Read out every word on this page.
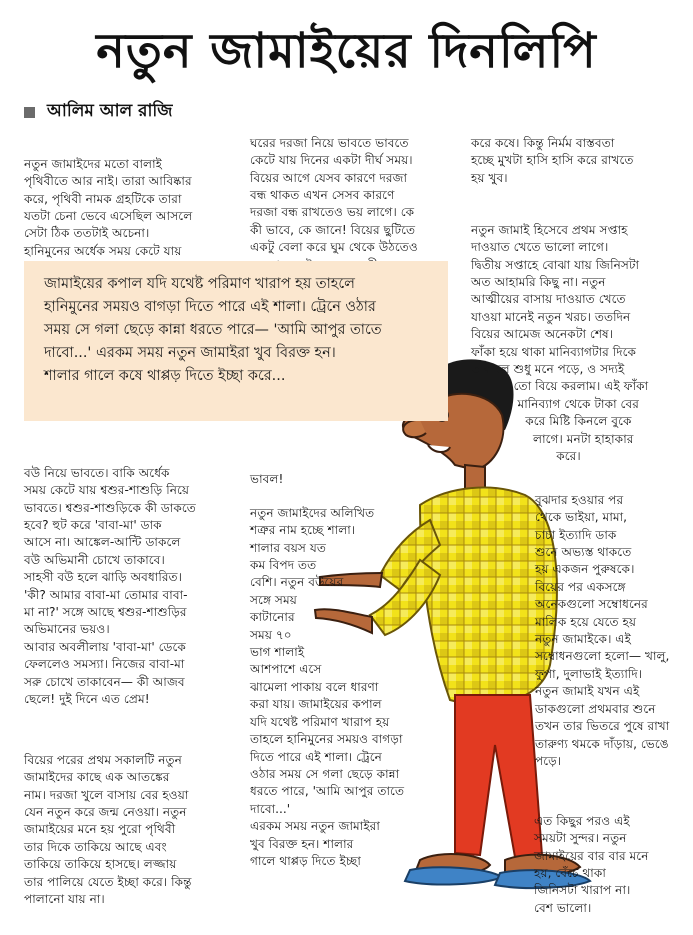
নতুন জামাইয়ের দিনলিপি
আলিম আল রাজি

নতুন জামাইদের মতো বালাই
পৃথিবীতে আর নাই। তারা আবিষ্কার
করে, পৃথিবী নামক গ্রহটিকে তারা
যতটা চেনা ভেবে এসেছিল আসলে
সেটা ঠিক ততটাই অচেনা।
হানিমুনের অর্ধেক সময় কেটে যায়

ঘরের দরজা নিয়ে ভাবতে ভাবতে
কেটে যায় দিনের একটা দীর্ঘ সময়।
বিয়ের আগে যেসব কারণে দরজা
বন্ধ থাকত এখন সেসব কারণে
দরজা বন্ধ রাখতেও ভয় লাগে। কে
কী ভাবে, কে জানে! বিয়ের ছুটিতে
একটু বেলা করে ঘুম থেকে উঠতেও

করে কষে। কিন্তু নির্মম বাস্তবতা
হচ্ছে মুখটা হাসি হাসি করে রাখতে
হয় খুব।

জামাইয়ের কপাল যদি যথেষ্ট পরিমাণ খারাপ হয় তাহলে
হানিমুনের সময়ও বাগড়া দিতে পারে এই শালা। ট্রেনে ওঠার
সময় সে গলা ছেড়ে কান্না ধরতে পারে— 'আমি আপুর তাতে
দাবো...' এরকম সময় নতুন জামাইরা খুব বিরক্ত হন।
শালার গালে কষে থাপ্পড় দিতে ইচ্ছা করে...

নতুন জামাই হিসেবে প্রথম সপ্তাহ
দাওয়াত খেতে ভালো লাগে।
দ্বিতীয় সপ্তাহে বোঝা যায় জিনিসটা
অত আহামরি কিছু না। নতুন
আত্মীয়ের বাসায় দাওয়াত খেতে
যাওয়া মানেই নতুন খরচ। ততদিন
বিয়ের আমেজ অনেকটা শেষ।
ফাঁকা হয়ে থাকা মানিব্যাগটার দিকে
তাকালে শুধু মনে পড়ে, ও সদ্যই
তো বিয়ে করলাম। এই ফাঁকা
মানিব্যাগ থেকে টাকা বের
করে মিষ্টি কিনলে বুকে
লাগে। মনটা হাহাকার
করে।

বউ নিয়ে ভাবতে। বাকি অর্ধেক
সময় কেটে যায় শ্বশুর-শাশুড়ি নিয়ে
ভাবতে। শ্বশুর-শাশুড়িকে কী ডাকতে
হবে? হুট করে 'বাবা-মা' ডাক
আসে না। আঙ্কেল-আন্টি ডাকলে
বউ অভিমানী চোখে তাকাবে।
সাহসী বউ হলে ঝাড়ি অবধারিত।
'কী? আমার বাবা-মা তোমার বাবা-
মা না?' সঙ্গে আছে শ্বশুর-শাশুড়ির
অভিমানের ভয়ও।
আবার অবলীলায় 'বাবা-মা' ডেকে
ফেললেও সমস্যা। নিজের বাবা-মা
সরু চোখে তাকাবেন— কী আজব
ছেলে! দুই দিনে এত প্রেম!

বিয়ের পরের প্রথম সকালটি নতুন
জামাইদের কাছে এক আতঙ্কের
নাম। দরজা খুলে বাসায় বের হওয়া
যেন নতুন করে জন্ম নেওয়া। নতুন
জামাইয়ের মনে হয় পুরো পৃথিবী
তার দিকে তাকিয়ে আছে এবং
তাকিয়ে তাকিয়ে হাসছে। লজ্জায়
তার পালিয়ে যেতে ইচ্ছা করে। কিন্তু
পালানো যায় না।

ভাবল!

নতুন জামাইদের অলিখিত
শত্রুর নাম হচ্ছে শালা।
শালার বয়স যত
কম বিপদ তত
বেশি। নতুন বউয়ের
সঙ্গে সময়
কাটানোর
সময় ৭০
ভাগ শালাই
আশপাশে এসে
ঝামেলা পাকায় বলে ধারণা
করা যায়। জামাইয়ের কপাল
যদি যথেষ্ট পরিমাণ খারাপ হয়
তাহলে হানিমুনের সময়ও বাগড়া
দিতে পারে এই শালা। ট্রেনে
ওঠার সময় সে গলা ছেড়ে কান্না
ধরতে পারে, 'আমি আপুর তাতে
দাবো...'
এরকম সময় নতুন জামাইরা
খুব বিরক্ত হন। শালার
গালে থাপ্পড় দিতে ইচ্ছা

বুঝদার হওয়ার পর
থেকে ভাইয়া, মামা,
চাচা ইত্যাদি ডাক
শুনে অভ্যস্ত থাকতে
হয় একজন পুরুষকে।
বিয়ের পর একসঙ্গে
অনেকগুলো সম্বোধনের
মালিক হয়ে যেতে হয়
নতুন জামাইকে। এই
সম্বোধনগুলো হলো— খালু,
ফুপা, দুলাভাই ইত্যাদি।
নতুন জামাই যখন এই
ডাকগুলো প্রথমবার শুনে
তখন তার ভিতরে পুষে রাখা
তারুণ্য থমকে দাঁড়ায়, ভেঙে
পড়ে।

এত কিছুর পরও এই
সময়টা সুন্দর। নতুন
জামাইয়ের বার বার মনে
হয়, বেঁচে থাকা
জিনিসটা খারাপ না।
বেশ ভালো।
